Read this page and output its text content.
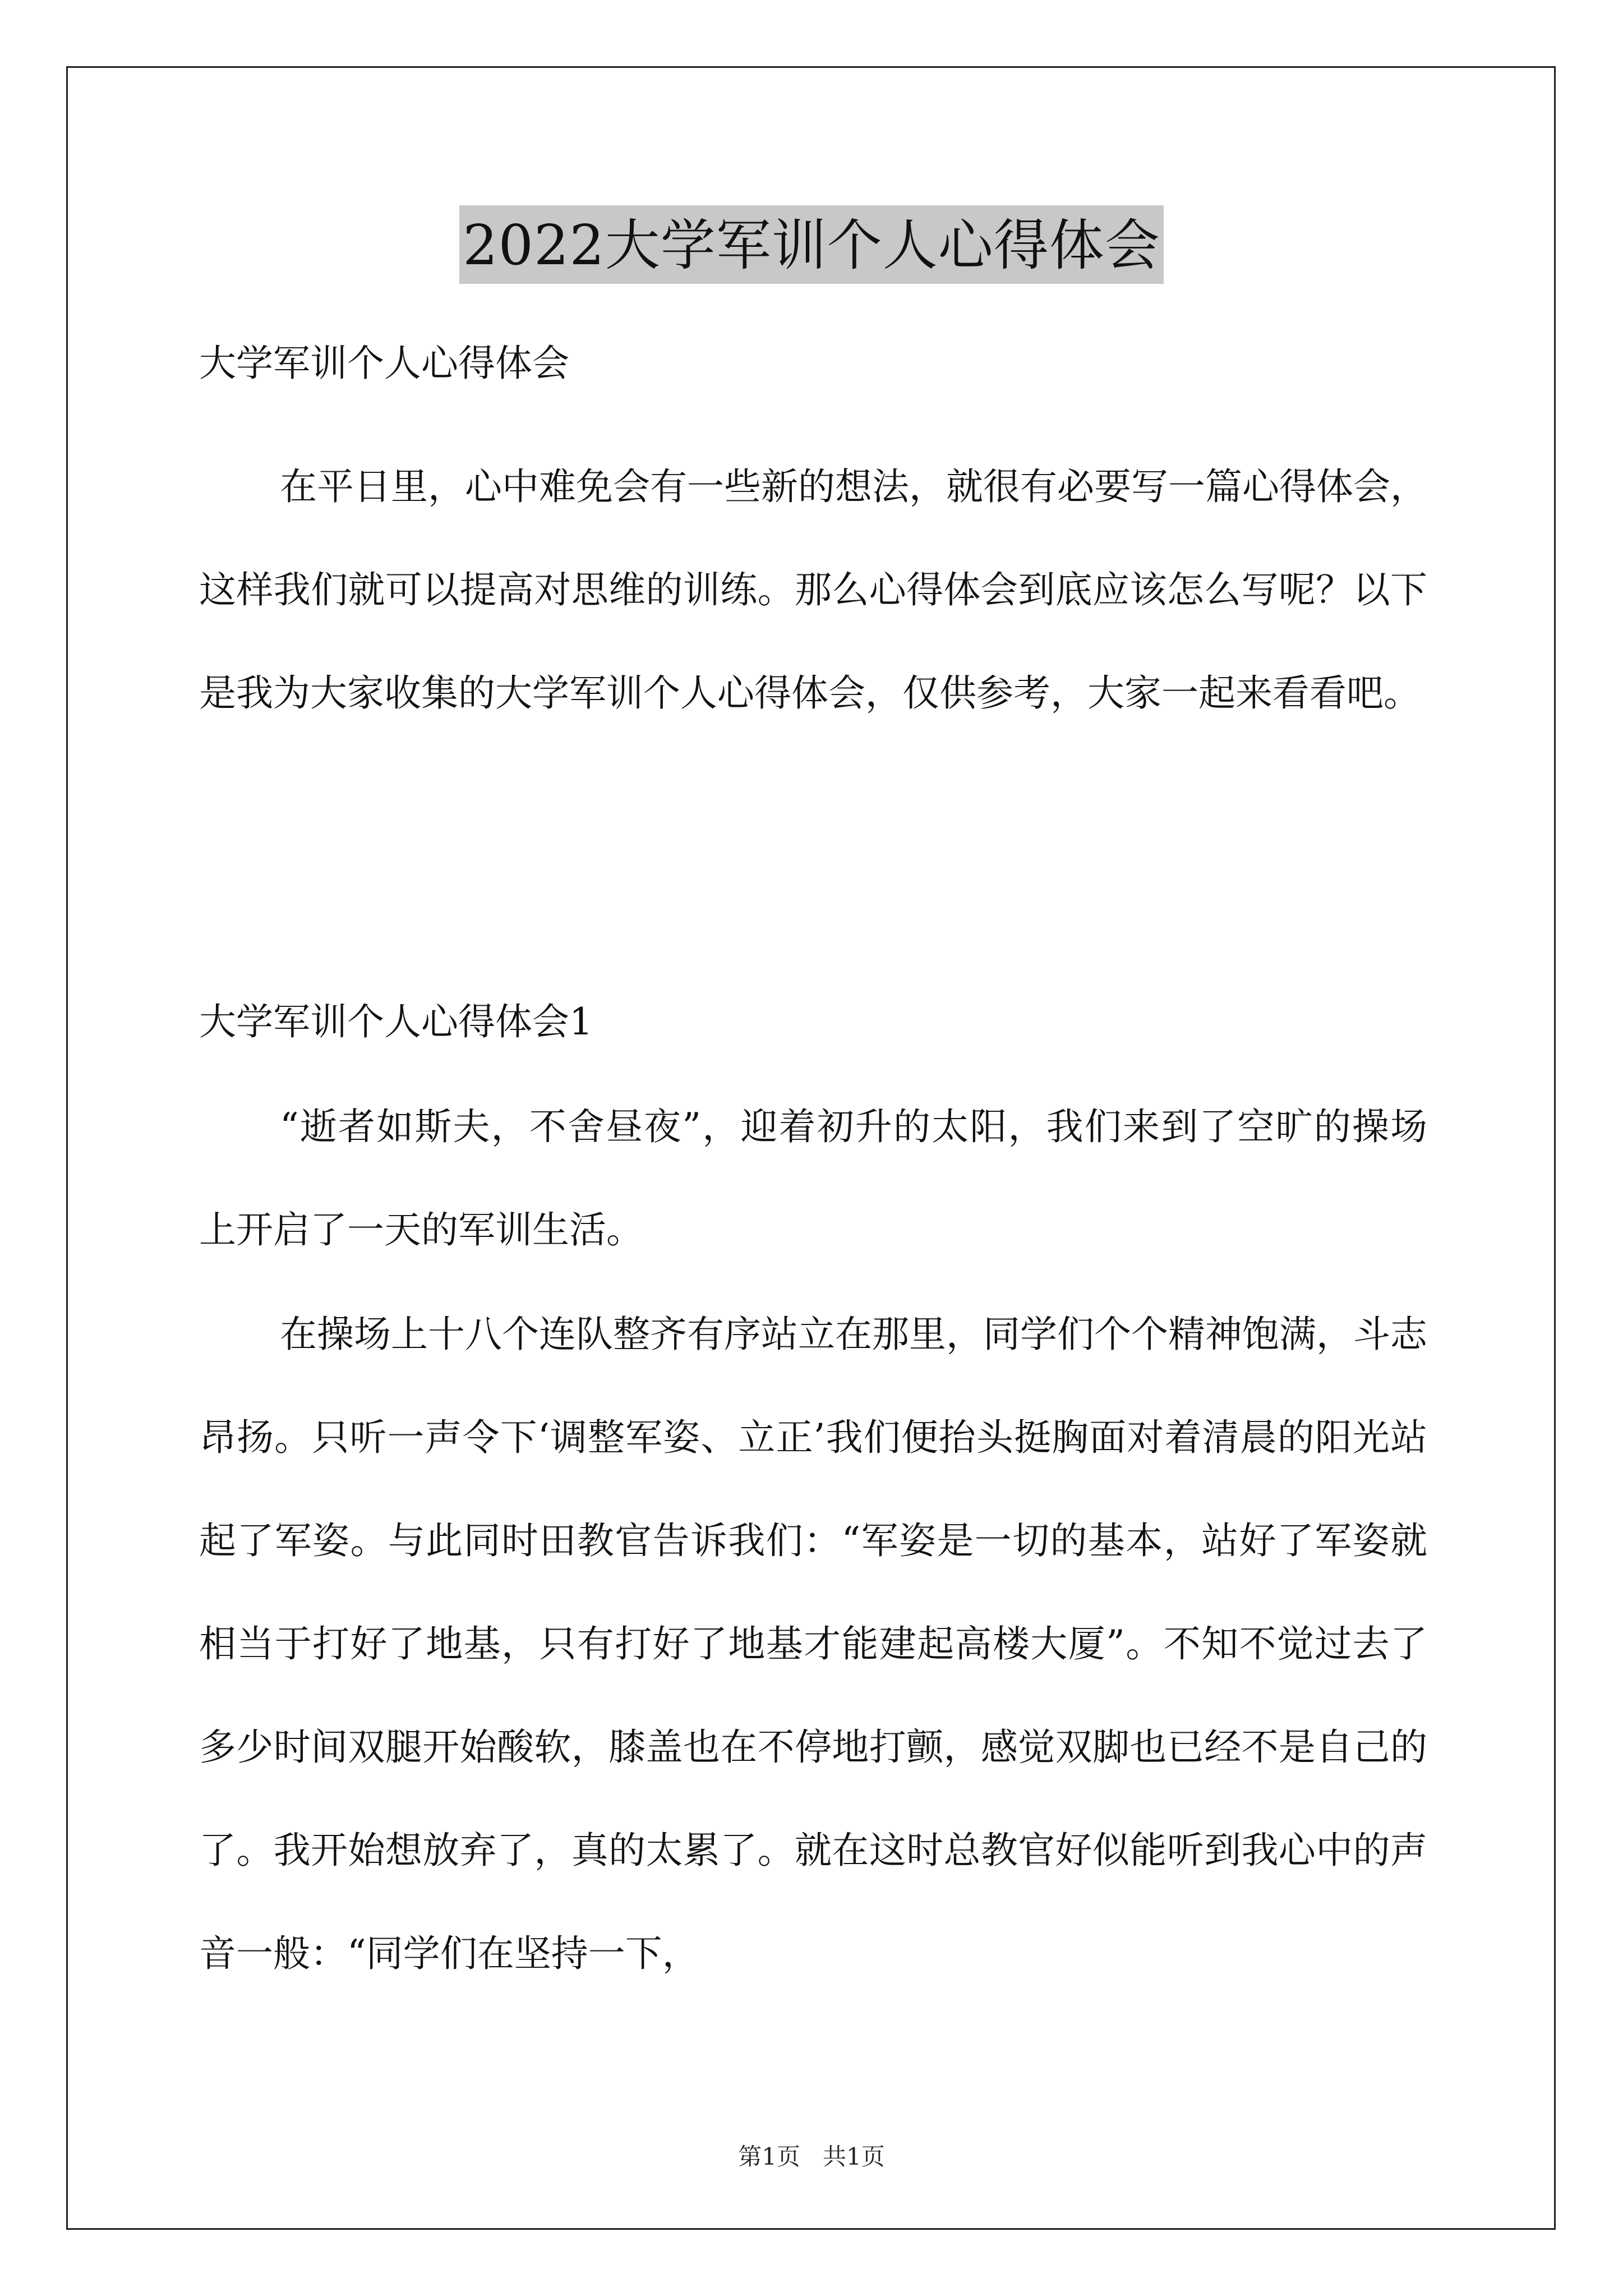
2022大学军训个人心得体会

大学军训个人心得体会

在平日里，心中难免会有一些新的想法，就很有必要写一篇心得体会，这样我们就可以提高对思维的训练。那么心得体会到底应该怎么写呢？以下是我为大家收集的大学军训个人心得体会，仅供参考，大家一起来看看吧。

大学军训个人心得体会1

“逝者如斯夫，不舍昼夜”，迎着初升的太阳，我们来到了空旷的操场上开启了一天的军训生活。

在操场上十八个连队整齐有序站立在那里，同学们个个精神饱满，斗志昂扬。只听一声令下‘调整军姿、立正’我们便抬头挺胸面对着清晨的阳光站起了军姿。与此同时田教官告诉我们：“军姿是一切的基本，站好了军姿就相当于打好了地基，只有打好了地基才能建起高楼大厦”。不知不觉过去了多少时间双腿开始酸软，膝盖也在不停地打颤，感觉双脚也已经不是自己的了。我开始想放弃了，真的太累了。就在这时总教官好似能听到我心中的声音一般：“同学们在坚持一下，

第1页 共1页
